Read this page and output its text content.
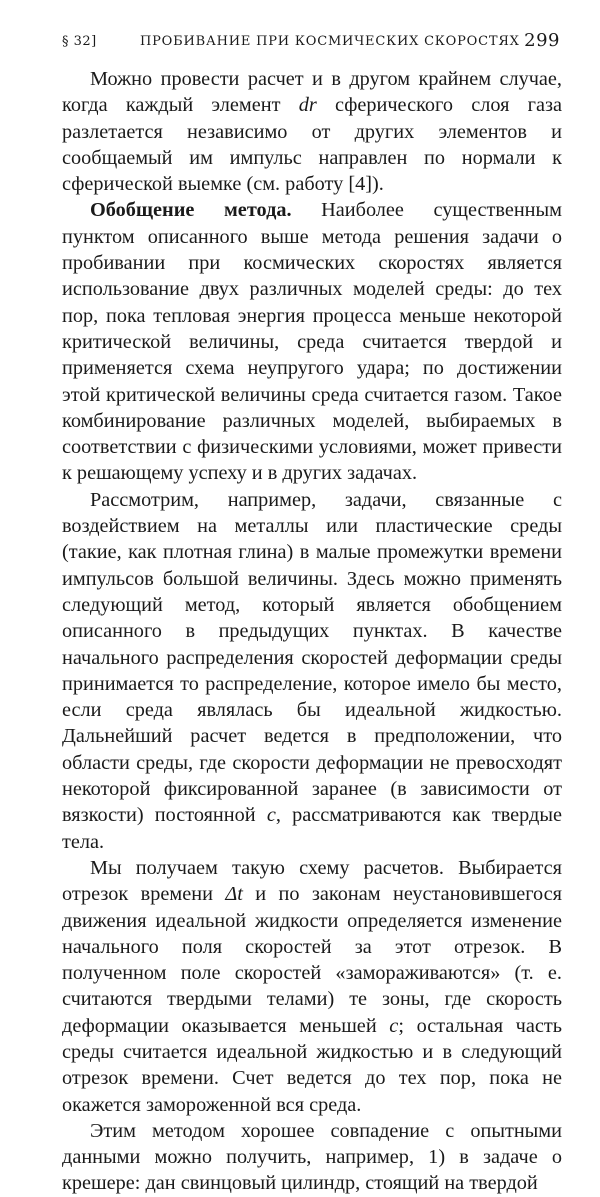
§ 32]	ПРОБИВАНИЕ ПРИ КОСМИЧЕСКИХ СКОРОСТЯХ 299

Можно провести расчет и в другом крайнем случае, когда каждый элемент dr сферического слоя газа разлетается независимо от других элементов и сообщаемый им импульс направлен по нормали к сферической выемке (см. работу [4]).

Обобщение метода. Наиболее существенным пунктом описанного выше метода решения задачи о пробивании при космических скоростях является использование двух различных моделей среды: до тех пор, пока тепловая энергия процесса меньше некоторой критической величины, среда считается твердой и применяется схема неупругого удара; по достижении этой критической величины среда считается газом. Такое комбинирование различных моделей, выбираемых в соответствии с физическими условиями, может привести к решающему успеху и в других задачах.

Рассмотрим, например, задачи, связанные с воздействием на металлы или пластические среды (такие, как плотная глина) в малые промежутки времени импульсов большой величины. Здесь можно применять следующий метод, который является обобщением описанного в предыдущих пунктах. В качестве начального распределения скоростей деформации среды принимается то распределение, которое имело бы место, если среда являлась бы идеальной жидкостью. Дальнейший расчет ведется в предположении, что области среды, где скорости деформации не превосходят некоторой фиксированной заранее (в зависимости от вязкости) постоянной c, рассматриваются как твердые тела.

Мы получаем такую схему расчетов. Выбирается отрезок времени Δt и по законам неустановившегося движения идеальной жидкости определяется изменение начального поля скоростей за этот отрезок. В полученном поле скоростей «замораживаются» (т. е. считаются твердыми телами) те зоны, где скорость деформации оказывается меньшей c; остальная часть среды считается идеальной жидкостью и в следующий отрезок времени. Счет ведется до тех пор, пока не окажется замороженной вся среда.

Этим методом хорошее совпадение с опытными данными можно получить, например, 1) в задаче о крешере: дан свинцовый цилиндр, стоящий на твердой
